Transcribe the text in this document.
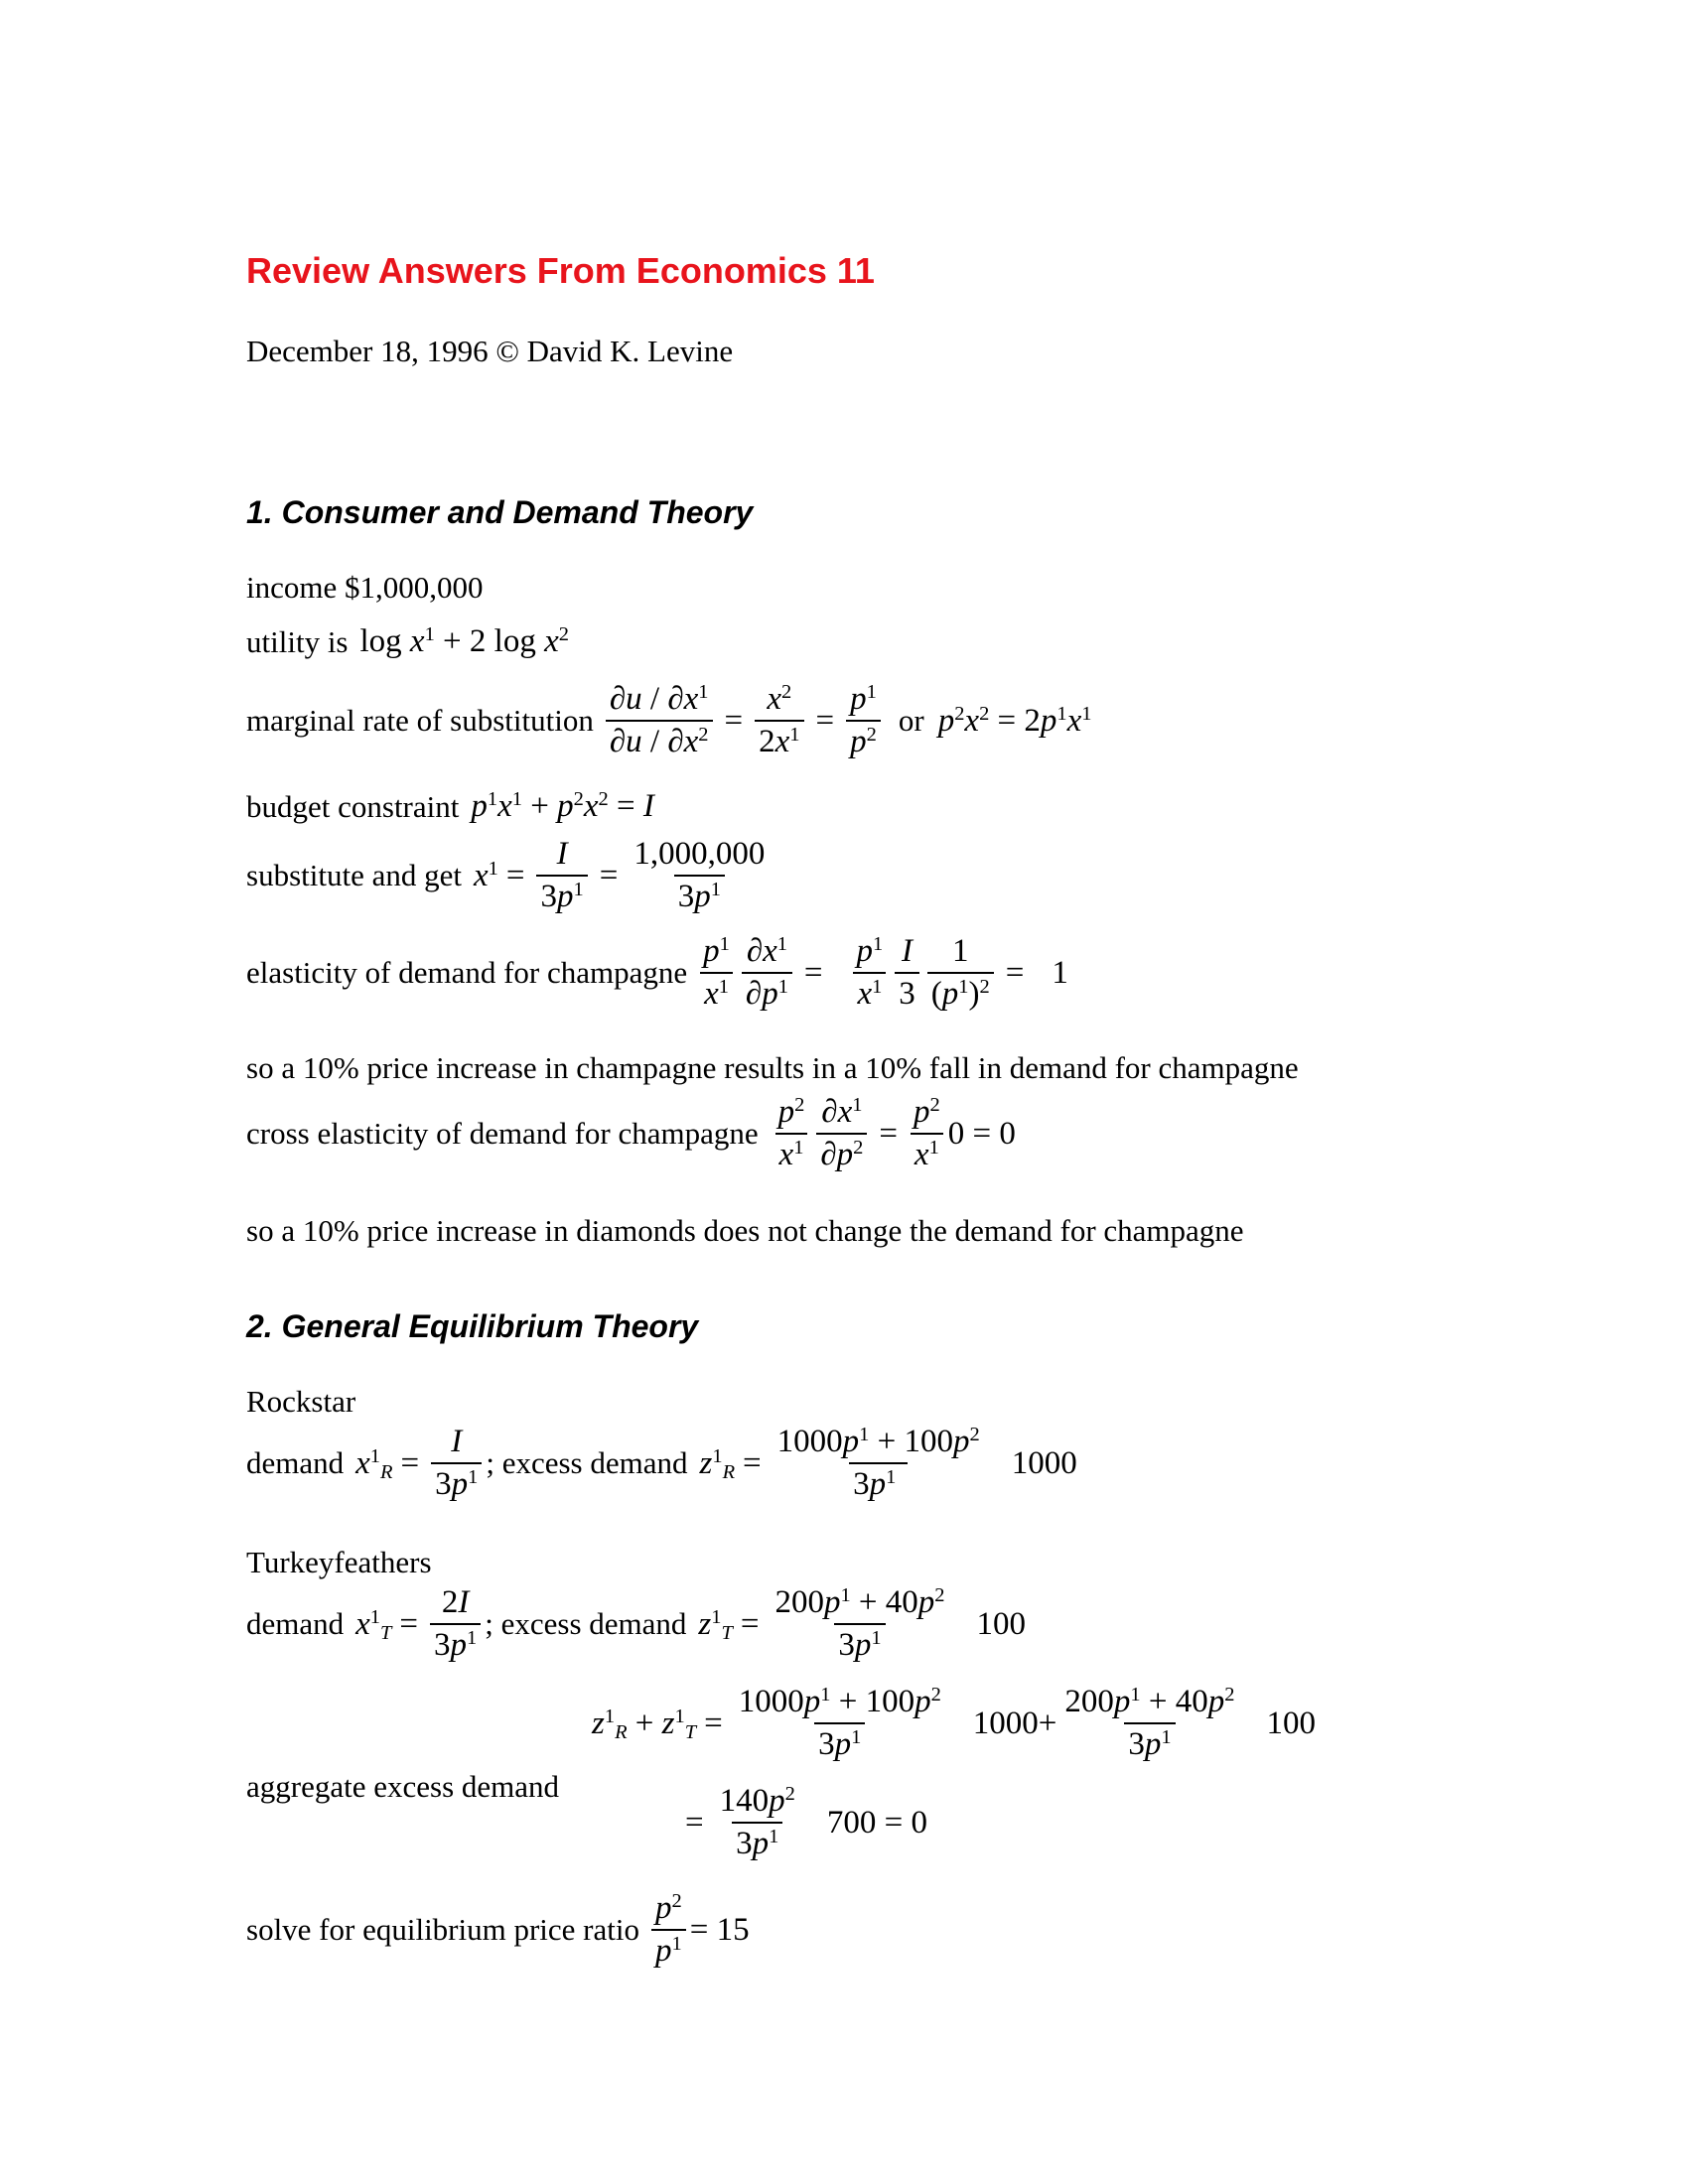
Review Answers From Economics 11
December 18, 1996 © David K. Levine
1. Consumer and Demand Theory
income $1,000,000
utility is $\log x^1 + 2$ $\log x^2$
marginal rate of substitution $\frac{\partial u / \partial x^1}{\partial u / \partial x^2} = \frac{x^2}{2x^1} = \frac{p^1}{p^2}$ or $p^2x^2 = 2p^1x^1$
budget constraint $p^1x^1 + p^2x^2 = I$
substitute and get $x^1 = \frac{I}{3p^1} = \frac{1,000,000}{3p^1}$
elasticity of demand for champagne $\frac{p^1}{x^1} \frac{\partial x^1}{\partial p^1} = \frac{p^1}{x^1} \frac{I}{3} \frac{1}{(p^1)^2} = 1$
so a 10% price increase in champagne results in a 10% fall in demand for champagne
cross elasticity of demand for champagne $\frac{p^2}{x^1} \frac{\partial x^1}{\partial p^2} = \frac{p^2}{x^1} 0 = 0$
so a 10% price increase in diamonds does not change the demand for champagne
2. General Equilibrium Theory
Rockstar
demand $x^1_R = \frac{I}{3p^1}$ ; excess demand $z^1_R = \frac{1000p^1 + 100p^2}{3p^1} 1000$
Turkeyfeathers
demand $x^1_T = \frac{2I}{3p^1}$ ; excess demand $z^1_T = \frac{200p^1 + 40p^2}{3p^1} 100$
$z^1_R + z^1_T = \frac{1000p^1 + 100p^2}{3p^1} 1000+ \frac{200p^1 + 40p^2}{3p^1} 100$
aggregate excess demand
= $\frac{140p^2}{3p^1} 700 = 0$
solve for equilibrium price ratio $\frac{p^2}{p^1} = 15$
